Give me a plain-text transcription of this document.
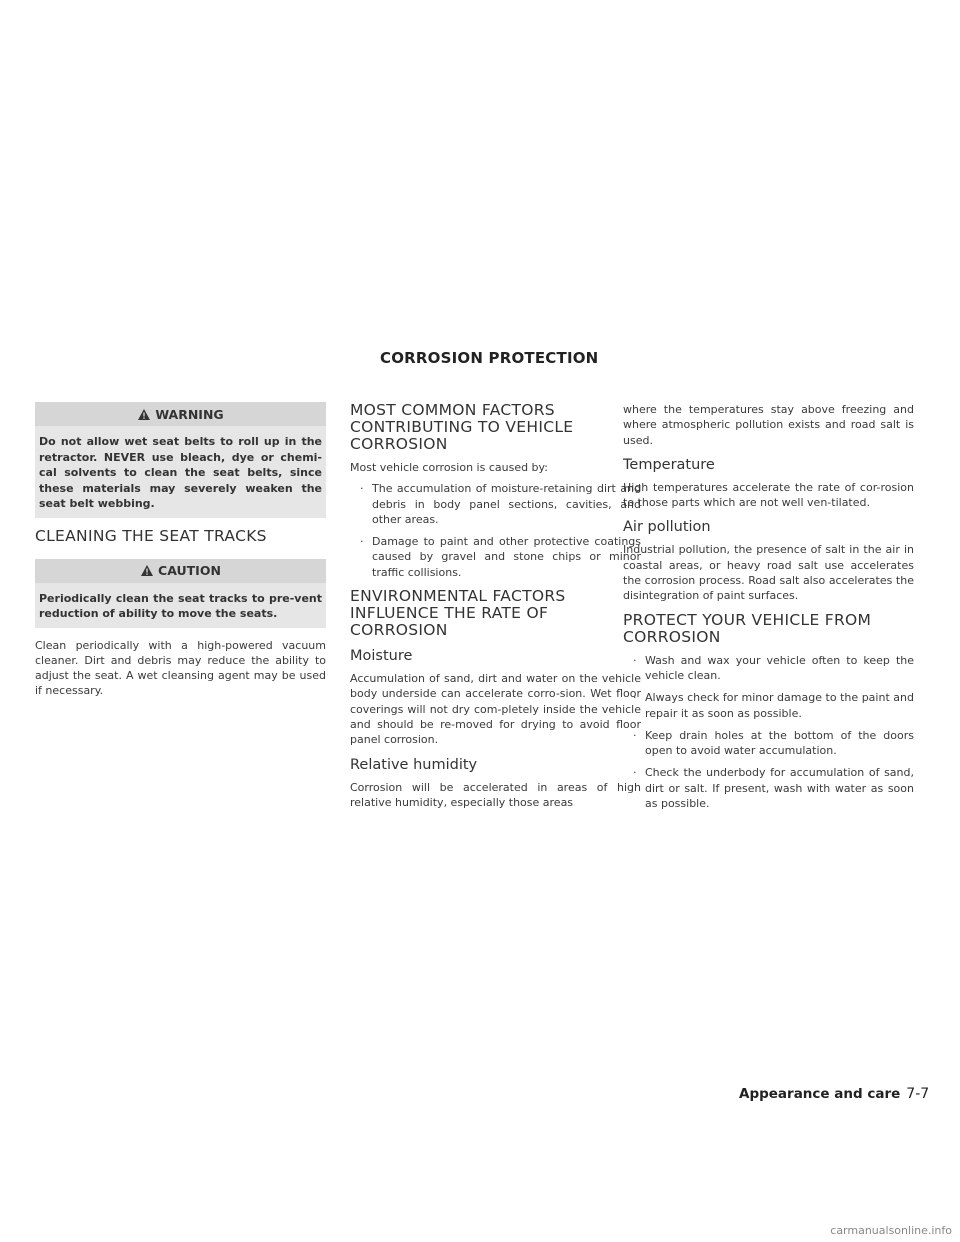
CORROSION PROTECTION
WARNING
Do not allow wet seat belts to roll up in the retractor. NEVER use bleach, dye or chemi-cal solvents to clean the seat belts, since these materials may severely weaken the seat belt webbing.
CLEANING THE SEAT TRACKS
CAUTION
Periodically clean the seat tracks to pre-vent reduction of ability to move the seats.

Clean periodically with a high-powered vacuum cleaner. Dirt and debris may reduce the ability to adjust the seat. A wet cleansing agent may be used if necessary.

MOST COMMON FACTORS CONTRIBUTING TO VEHICLE CORROSION

Most vehicle corrosion is caused by:

· The accumulation of moisture-retaining dirt and debris in body panel sections, cavities, and other areas.
· Damage to paint and other protective coatings caused by gravel and stone chips or minor traffic collisions.
ENVIRONMENTAL FACTORS INFLUENCE THE RATE OF CORROSION
Moisture

Accumulation of sand, dirt and water on the vehicle body underside can accelerate corro-sion. Wet floor coverings will not dry com-pletely inside the vehicle and should be re-moved for drying to avoid floor panel corrosion.

Relative humidity

Corrosion will be accelerated in areas of high relative humidity, especially those areas

where the temperatures stay above freezing and where atmospheric pollution exists and road salt is used.

Temperature

High temperatures accelerate the rate of cor-rosion to those parts which are not well ven-tilated.

Air pollution

Industrial pollution, the presence of salt in the air in coastal areas, or heavy road salt use accelerates the corrosion process. Road salt also accelerates the disintegration of paint surfaces.

PROTECT YOUR VEHICLE FROM CORROSION
· Wash and wax your vehicle often to keep the vehicle clean.
· Always check for minor damage to the paint and repair it as soon as possible.
· Keep drain holes at the bottom of the doors open to avoid water accumulation.
· Check the underbody for accumulation of sand, dirt or salt. If present, wash with water as soon as possible.
Appearance and care 7-7
carmanualsonline.info
